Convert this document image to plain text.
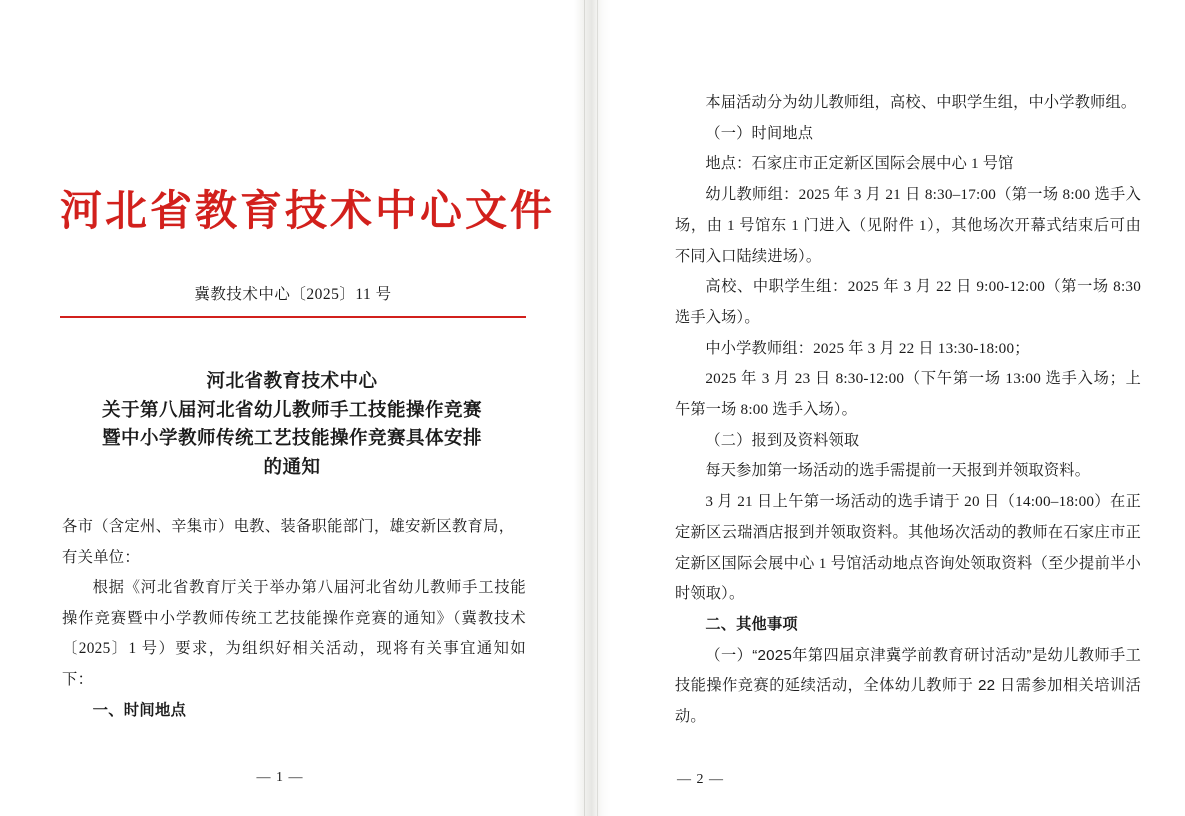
河北省教育技术中心文件
冀教技术中心〔2025〕11 号
河北省教育技术中心
关于第八届河北省幼儿教师手工技能操作竞赛
暨中小学教师传统工艺技能操作竞赛具体安排
的通知

各市（含定州、辛集市）电教、装备职能部门，雄安新区教育局，

有关单位：

根据《河北省教育厅关于举办第八届河北省幼儿教师手工技能操作竞赛暨中小学教师传统工艺技能操作竞赛的通知》（冀教技术〔2025〕1 号）要求，为组织好相关活动，现将有关事宜通知如下：

一、时间地点

— 1 —

本届活动分为幼儿教师组，高校、中职学生组，中小学教师组。

（一）时间地点

地点：石家庄市正定新区国际会展中心 1 号馆

幼儿教师组：2025 年 3 月 21 日 8:30–17:00（第一场 8:00 选手入场，由 1 号馆东 1 门进入（见附件 1），其他场次开幕式结束后可由不同入口陆续进场）。

高校、中职学生组：2025 年 3 月 22 日 9:00-12:00（第一场 8:30 选手入场）。

中小学教师组：2025 年 3 月 22 日 13:30-18:00；

2025 年 3 月 23 日 8:30-12:00（下午第一场 13:00 选手入场；上午第一场 8:00 选手入场）。

（二）报到及资料领取

每天参加第一场活动的选手需提前一天报到并领取资料。

3 月 21 日上午第一场活动的选手请于 20 日（14:00–18:00）在正定新区云瑞酒店报到并领取资料。其他场次活动的教师在石家庄市正定新区国际会展中心 1 号馆活动地点咨询处领取资料（至少提前半小时领取）。

二、其他事项

（一）“2025年第四届京津冀学前教育研讨活动”是幼儿教师手工技能操作竞赛的延续活动，全体幼儿教师于 22 日需参加相关培训活动。

— 2 —
